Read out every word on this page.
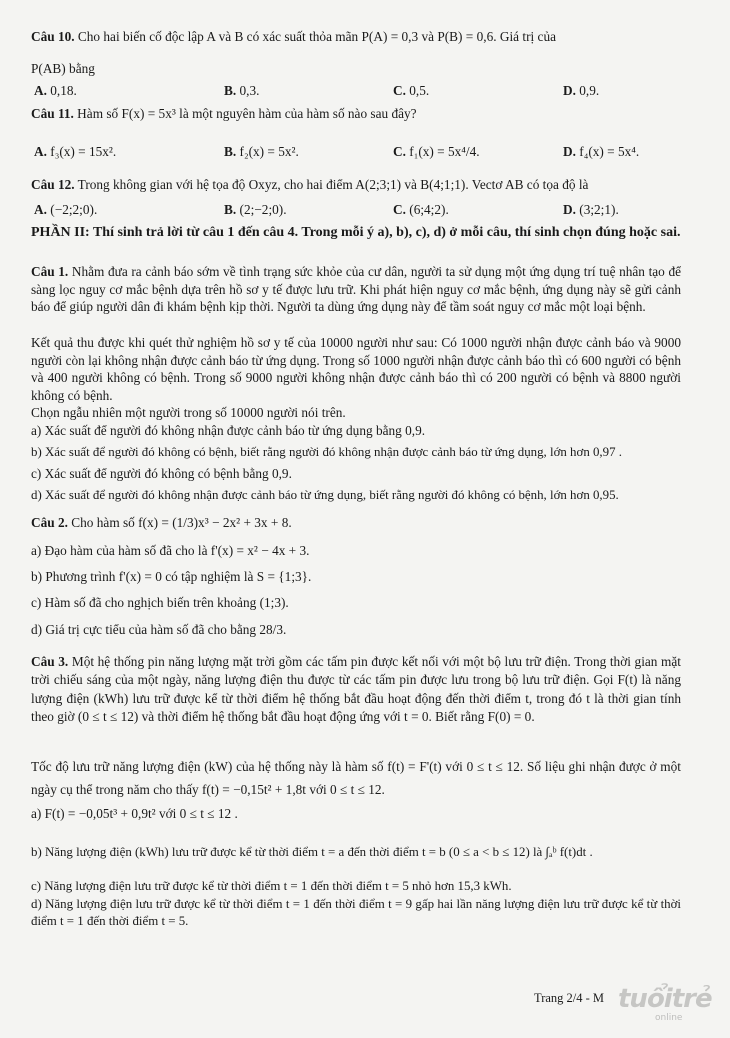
Câu 10. Cho hai biến cố độc lập A và B có xác suất thỏa mãn P(A) = 0,3 và P(B) = 0,6. Giá trị của
P(AB) bằng
A. 0,18.	B. 0,3.	C. 0,5.	D. 0,9.
Câu 11. Hàm số F(x) = 5x³ là một nguyên hàm của hàm số nào sau đây?
A. f₃(x) = 15x².	B. f₂(x) = 5x².	C. f₁(x) = 5x⁴/4.	D. f₄(x) = 5x⁴.
Câu 12. Trong không gian với hệ tọa độ Oxyz, cho hai điểm A(2;3;1) và B(4;1;1). Vectơ AB có tọa độ là
A. (−2;2;0).	B. (2;−2;0).	C. (6;4;2).	D. (3;2;1).
PHẦN II: Thí sinh trả lời từ câu 1 đến câu 4. Trong mỗi ý a), b), c), d) ở mỗi câu, thí sinh chọn đúng hoặc sai.
Câu 1. Nhằm đưa ra cảnh báo sớm về tình trạng sức khỏe của cư dân, người ta sử dụng một ứng dụng trí tuệ nhân tạo để sàng lọc nguy cơ mắc bệnh dựa trên hồ sơ y tế được lưu trữ. Khi phát hiện nguy cơ mắc bệnh, ứng dụng này sẽ gửi cảnh báo để giúp người dân đi khám bệnh kịp thời. Người ta dùng ứng dụng này để tầm soát nguy cơ mắc một loại bệnh.
Kết quả thu được khi quét thử nghiệm hồ sơ y tế của 10000 người như sau: Có 1000 người nhận được cảnh báo và 9000 người còn lại không nhận được cảnh báo từ ứng dụng. Trong số 1000 người nhận được cảnh báo thì có 600 người có bệnh và 400 người không có bệnh. Trong số 9000 người không nhận được cảnh báo thì có 200 người có bệnh và 8800 người không có bệnh.
Chọn ngẫu nhiên một người trong số 10000 người nói trên.
a) Xác suất để người đó không nhận được cảnh báo từ ứng dụng bằng 0,9.
b) Xác suất để người đó không có bệnh, biết rằng người đó không nhận được cảnh báo từ ứng dụng, lớn hơn 0,97 .
c) Xác suất để người đó không có bệnh bằng 0,9.
d) Xác suất để người đó không nhận được cảnh báo từ ứng dụng, biết rằng người đó không có bệnh, lớn hơn 0,95.
Câu 2. Cho hàm số f(x) = (1/3)x³ − 2x² + 3x + 8.
a) Đạo hàm của hàm số đã cho là f'(x) = x² − 4x + 3.
b) Phương trình f'(x) = 0 có tập nghiệm là S = {1;3}.
c) Hàm số đã cho nghịch biến trên khoảng (1;3).
d) Giá trị cực tiểu của hàm số đã cho bằng 28/3.
Câu 3. Một hệ thống pin năng lượng mặt trời gồm các tấm pin được kết nối với một bộ lưu trữ điện. Trong thời gian mặt trời chiếu sáng của một ngày, năng lượng điện thu được từ các tấm pin được lưu trong bộ lưu trữ điện. Gọi F(t) là năng lượng điện (kWh) lưu trữ được kể từ thời điểm hệ thống bắt đầu hoạt động đến thời điểm t, trong đó t là thời gian tính theo giờ (0 ≤ t ≤ 12) và thời điểm hệ thống bắt đầu hoạt động ứng với t = 0. Biết rằng F(0) = 0.
Tốc độ lưu trữ năng lượng điện (kW) của hệ thống này là hàm số f(t) = F'(t) với 0 ≤ t ≤ 12. Số liệu ghi nhận được ở một ngày cụ thể trong năm cho thấy f(t) = −0,15t² + 1,8t với 0 ≤ t ≤ 12.
a) F(t) = −0,05t³ + 0,9t² với 0 ≤ t ≤ 12 .
b) Năng lượng điện (kWh) lưu trữ được kể từ thời điểm t = a đến thời điểm t = b (0 ≤ a < b ≤ 12) là ∫ₐᵇ f(t)dt .
c) Năng lượng điện lưu trữ được kể từ thời điểm t = 1 đến thời điểm t = 5 nhỏ hơn 15,3 kWh.
d) Năng lượng điện lưu trữ được kể từ thời điểm t = 1 đến thời điểm t = 9 gấp hai lần năng lượng điện lưu trữ được kể từ thời điểm t = 1 đến thời điểm t = 5.
Trang 2/4 - M tuổitrẻ
online
